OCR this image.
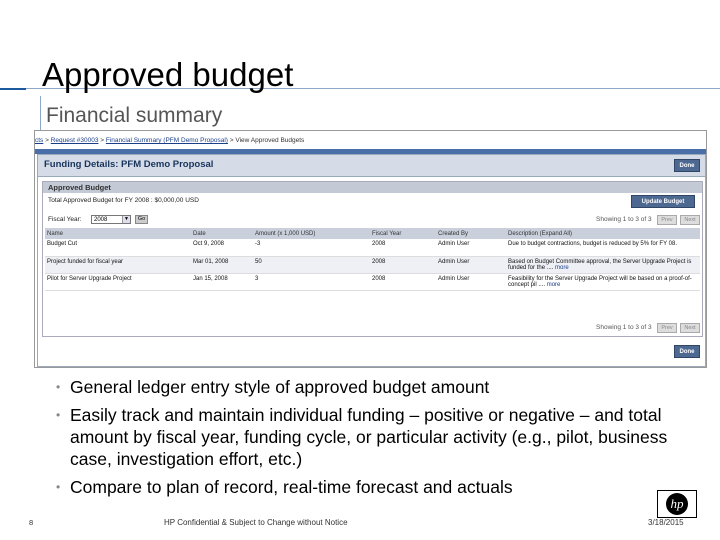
Approved budget
Financial summary
cts > Request #30003 > Financial Summary (PFM Demo Proposal) > View Approved Budgets
Funding Details: PFM Demo Proposal	Done
Approved Budget
Total Approved Budget for FY 2008 : $0,000,00 USD	Update Budget
Fiscal Year:	2008	▼	Go	Showing 1 to 3 of 3	Prev	Next
Name	Date	Amount (x 1,000 USD)	Fiscal Year	Created By	Description (Expand All)
Budget Cut	Oct 9, 2008	-3	2008	Admin User	Due to budget contractions, budget is reduced by 5% for FY 08.
Project funded for fiscal year	Mar 01, 2008	50	2008	Admin User	Based on Budget Committee approval, the Server Upgrade Project is funded for the .... more
Pilot for Server Upgrade Project	Jan 15, 2008	3	2008	Admin User	Feasibility for the Server Upgrade Project will be based on a proof-of-concept pil .... more
Showing 1 to 3 of 3	Prev	Next
Done
• General ledger entry style of approved budget amount
• Easily track and maintain individual funding – positive or negative – and total amount by fiscal year, funding cycle, or particular activity (e.g., pilot, business case, investigation effort, etc.)
• Compare to plan of record, real-time forecast and actuals
8	HP Confidential & Subject to Change without Notice	3/18/2015
hp
